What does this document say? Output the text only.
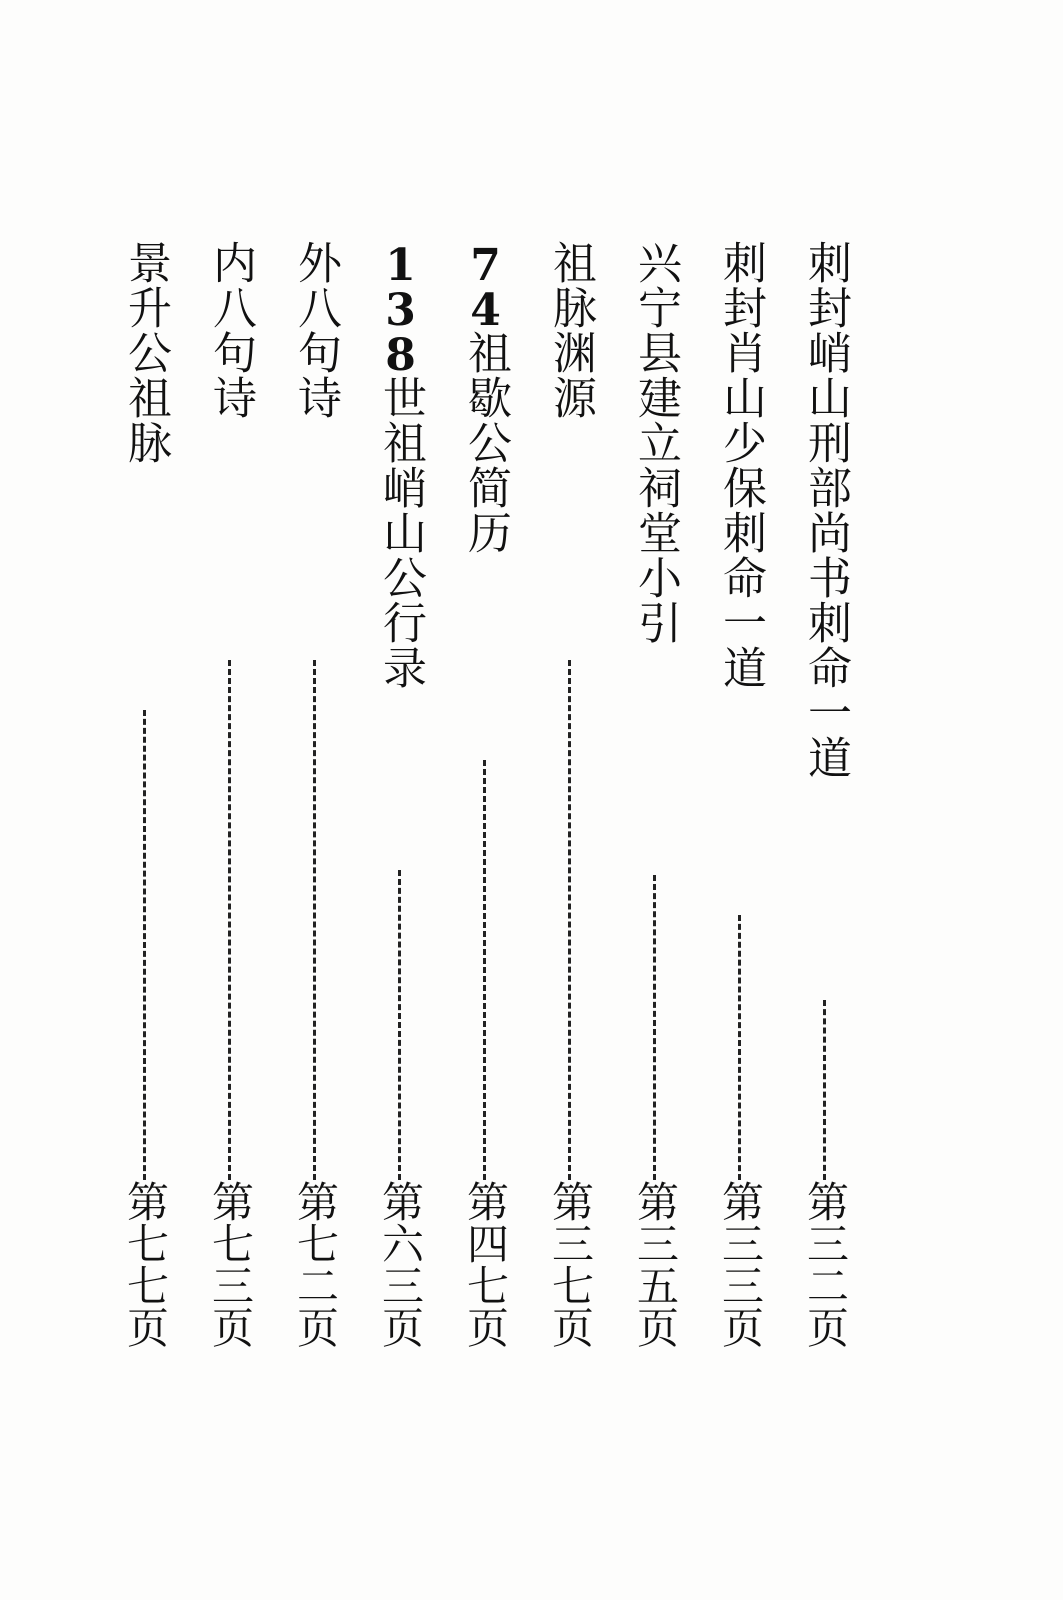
刺封峭山刑部尚书刺命一道
第三二页
刺封肖山少保刺命一道
第三三页
兴宁县建立祠堂小引
第三五页
祖脉渊源
第三七页
74祖歇公简历
第四七页
138世祖峭山公行录
第六三页
外八句诗
第七二页
内八句诗
第七三页
景升公祖脉
第七七页
